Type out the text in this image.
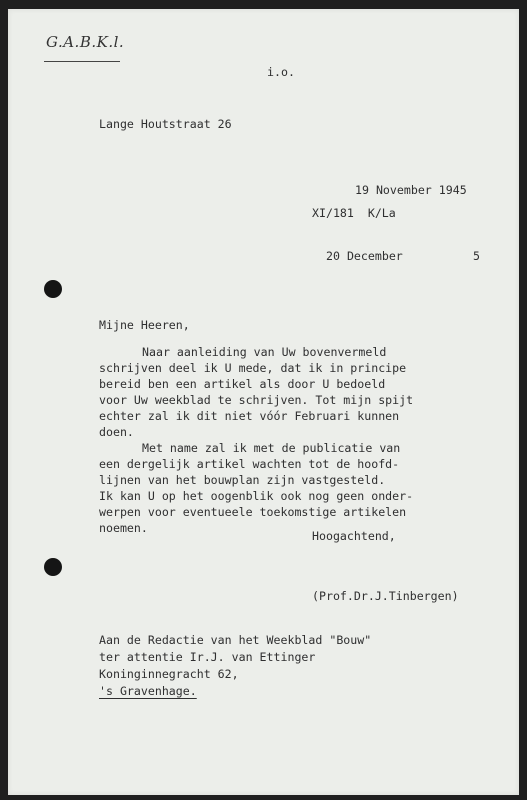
G.A.B.K.l.
i.o.
Lange Houtstraat 26
19 November 1945
XI/181  K/La
20 December	5
Mijne Heeren,
Naar aanleiding van Uw bovenvermeld
schrijven deel ik U mede, dat ik in principe
bereid ben een artikel als door U bedoeld
voor Uw weekblad te schrijven. Tot mijn spijt
echter zal ik dit niet vóór Februari kunnen
doen.
Met name zal ik met de publicatie van
een dergelijk artikel wachten tot de hoofd-
lijnen van het bouwplan zijn vastgesteld.
Ik kan U op het oogenblik ook nog geen onder-
werpen voor eventueele toekomstige artikelen
noemen.
Hoogachtend,
(Prof.Dr.J.Tinbergen)
Aan de Redactie van het Weekblad "Bouw"
ter attentie Ir.J. van Ettinger
Koninginnegracht 62,
's Gravenhage.
